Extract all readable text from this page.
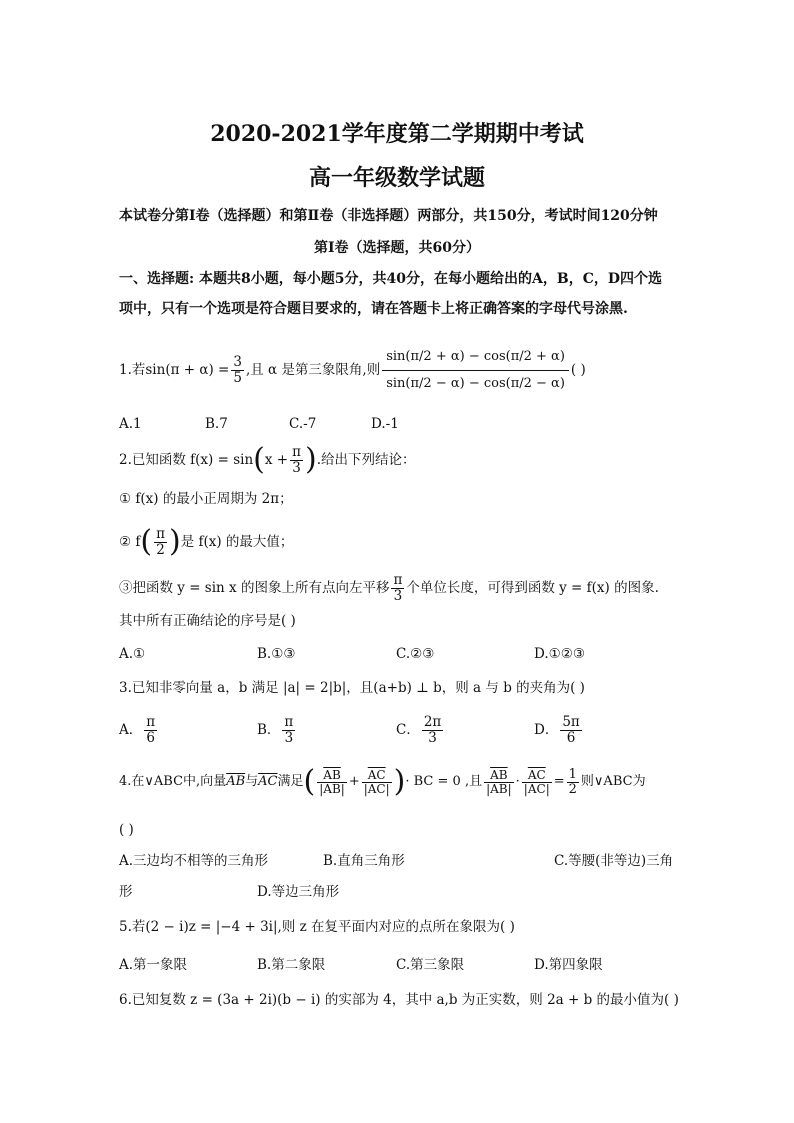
2020-2021学年度第二学期期中考试
高一年级数学试题
本试卷分第Ⅰ卷（选择题）和第Ⅱ卷（非选择题）两部分，共150分，考试时间120分钟
第Ⅰ卷（选择题，共60分）
一、选择题: 本题共8小题，每小题5分，共40分，在每小题给出的A，B，C，D四个选
项中，只有一个选项是符合题目要求的，请在答题卡上将正确答案的字母代号涂黑.
1.若$\sin(\pi + \alpha) = \frac{3}{5}$ ,且 α 是第三象限角,则 $\frac{\sin(\pi/2 + \alpha) - \cos(\pi/2 + \alpha)}{\sin(\pi/2 - \alpha) - \cos(\pi/2 - \alpha)}$ ( )
A.1	B.7	C.-7	D.-1
2.已知函数 f(x) = sin ( $x + \frac{\pi}{3}$ ) .给出下列结论：
① f(x) 的最小正周期为 2π；
② f ( $\frac{\pi}{2}$ ) 是 f(x) 的最大值；
③把函数 y = sin x 的图象上所有点向左平移 $\frac{\pi}{3}$ 个单位长度，可得到函数 y = f(x) 的图象.
其中所有正确结论的序号是( )
A.①	B.①③	C.②③	D.①②③
3.已知非零向量 a，b 满足 |a| = 2|b|，且(a+b) ⊥ b，则 a 与 b 的夹角为( )
A． $\frac{\pi}{6}$	B． $\frac{\pi}{3}$	C． $\frac{2\pi}{3}$	D． $\frac{5\pi}{6}$
4.在∨ABC中,向量 $\overline{AB}$ 与 $\overline{AC}$ 满足 ( $\frac{\overline{AB}}{|AB|} + \frac{\overline{AC}}{|AC|}$ ) · BC = 0 ,且 $\frac{\overline{AB}}{|AB|} \cdot \frac{\overline{AC}}{|AC|} = \frac{1}{2}$ 则∨ABC为
( )
A.三边均不相等的三角形	B.直角三角形	C.等腰(非等边)三角
形	D.等边三角形
5.若(2 − i)z = |−4 + 3i|,则 z 在复平面内对应的点所在象限为( )
A.第一象限	B.第二象限	C.第三象限	D.第四象限
6.已知复数 z = (3a + 2i)(b − i) 的实部为 4，其中 a,b 为正实数，则 2a + b 的最小值为( )
